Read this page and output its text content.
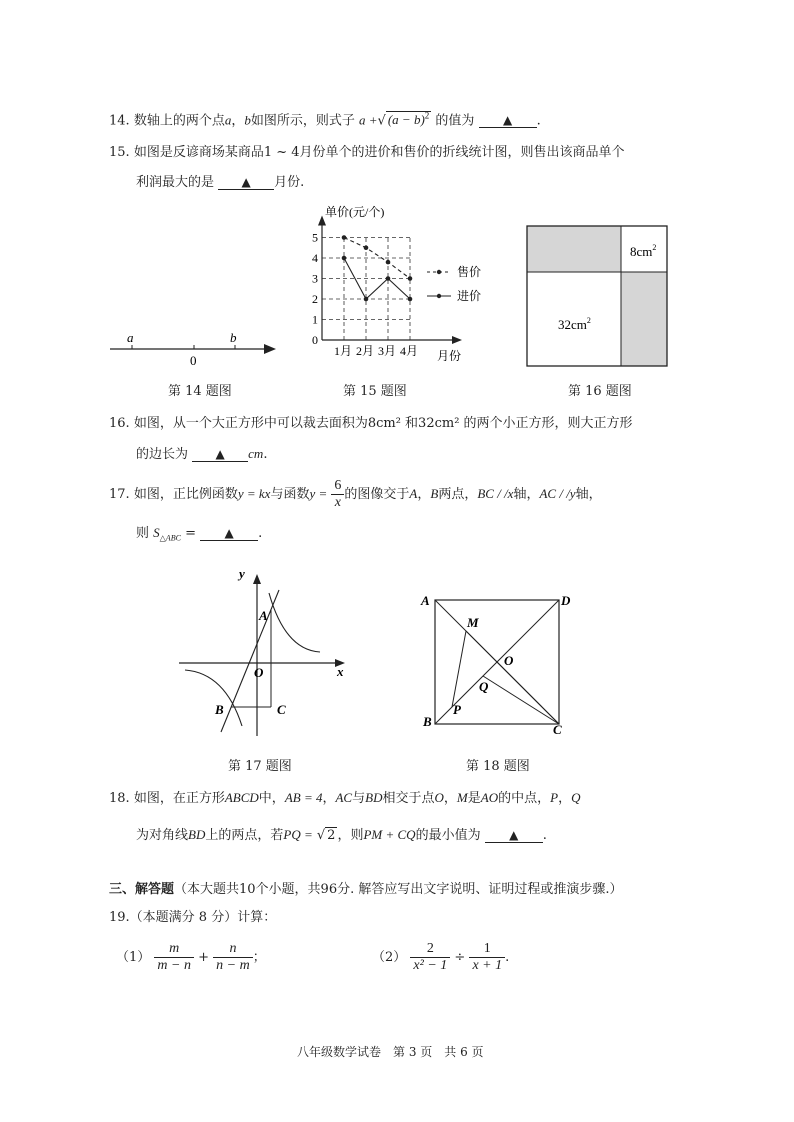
14. 数轴上的两个点a，b如图所示，则式子 a +√ $(a - b)^2$ 的值为 ▲ .
15. 如图是反谚商场某商品1 ~ 4月份单个的进价和售价的折线统计图，则售出该商品单个
利润最大的是 ▲ 月份.
a	b
0
第 14 题图
单价(元/个)
月份
0
1
2
3
4
5
1月 2月 3月 4月
售价
进价
第 15 题图
$8cm^2$
$32cm^2$
第 16 题图
16. 如图，从一个大正方形中可以裁去面积为8cm² 和32cm² 的两个小正方形，则大正方形
的边长为 ▲ cm.
17. 如图，正比例函数y = kx与函数$y = \frac{6}{x}$ 的图像交于A，B两点，BC / /x轴，AC / /y轴，
则 $S_{\triangle ABC}$ = ▲ .
y
x
A
O
B	C
第 17 题图
A	D
M
O
Q
B
P
C
第 18 题图
18. 如图，在正方形ABCD中，AB = 4，AC与BD相交于点O，M是AO的中点，P，Q
为对角线BD上的两点，若PQ = √ 2 ，则PM + CQ的最小值为 ▲ .
三、解答题（本大题共10个小题，共96分. 解答应写出文字说明、证明过程或推演步骤.）
19.（本题满分 8 分）计算：
$(1) \frac{m}{m - n} + \frac{n}{n - m}$ ；	$(2) \frac{2}{\text{x² − 1}} \div \frac{1}{x + 1}$ .
八年级数学试卷　第 3 页　共 6 页
